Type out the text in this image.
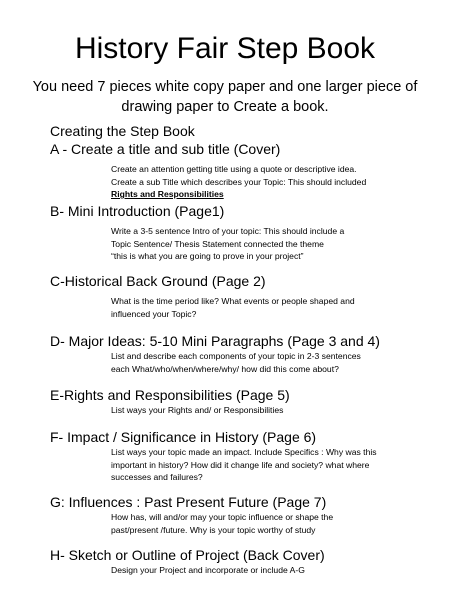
History Fair Step Book
You need 7 pieces white copy paper and one larger piece of drawing paper to Create a book.
Creating the Step Book
A - Create a title and sub title (Cover)
Create an attention getting title using a quote or descriptive idea.
Create a sub Title which describes your Topic: This should included
Rights and Responsibilities
B- Mini Introduction (Page1)
Write a 3-5 sentence Intro of your topic: This should include a
Topic Sentence/ Thesis Statement connected the theme
“this is what you are going to prove in your project”
C-Historical Back Ground (Page 2)
What is the time period like? What events or people shaped and
influenced your Topic?
D- Major Ideas: 5-10 Mini Paragraphs (Page 3 and 4)
List and describe each components of your topic in 2-3 sentences
each What/who/when/where/why/ how did this come about?
E-Rights and Responsibilities (Page 5)
List ways your Rights and/ or Responsibilities
F- Impact / Significance in History (Page 6)
List ways your topic made an impact. Include Specifics : Why was this
important in history? How did it change life and society? what where
successes and failures?
G: Influences : Past Present Future (Page 7)
How has, will and/or may your topic influence or shape the
past/present /future. Why is your topic worthy of study
H- Sketch or Outline of Project (Back Cover)
Design your Project and incorporate or include A-G
